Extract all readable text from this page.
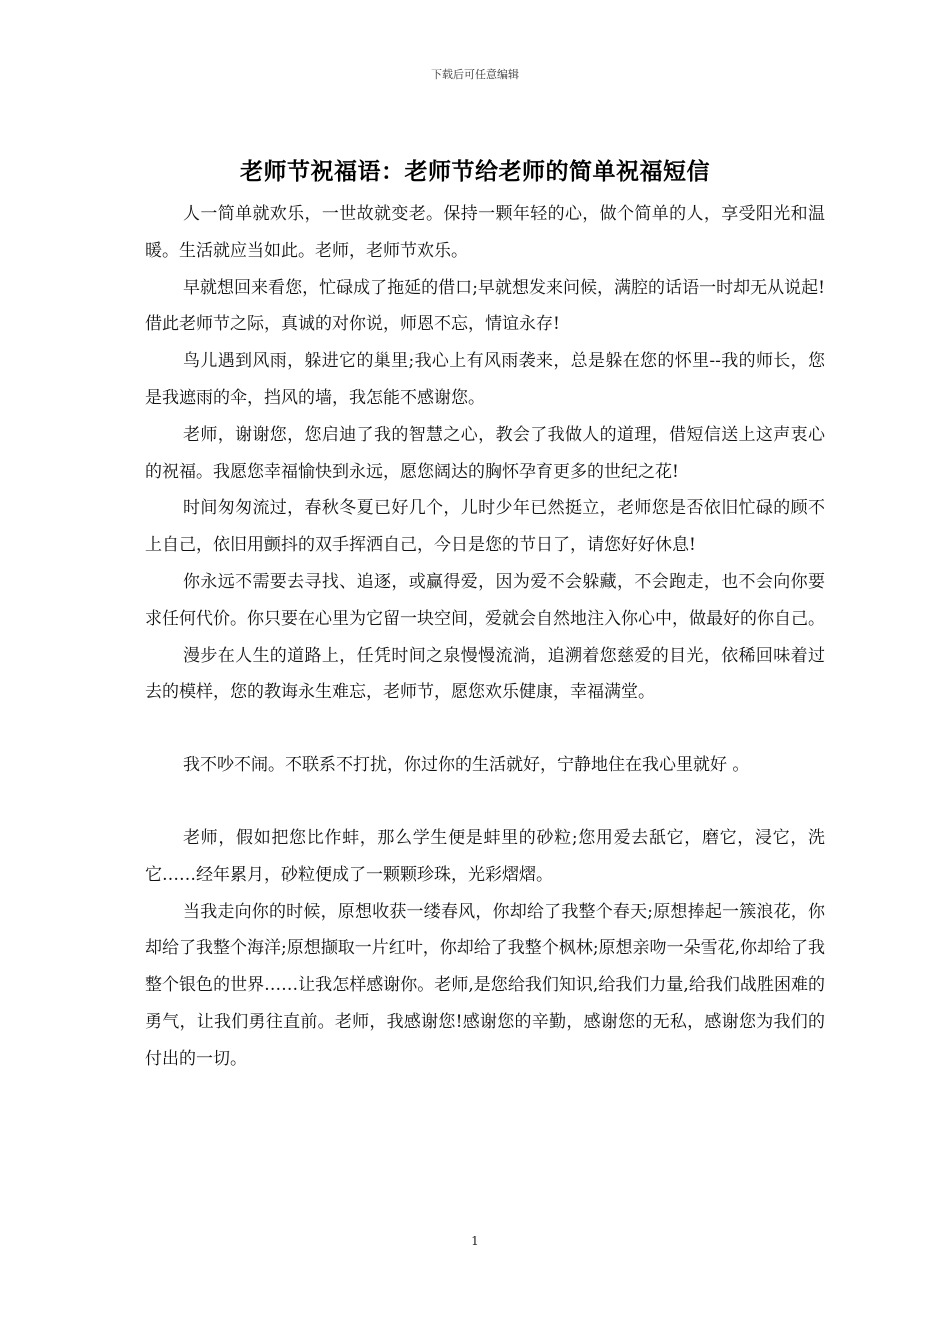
下载后可任意编辑
老师节祝福语：老师节给老师的简单祝福短信

人一简单就欢乐，一世故就变老。保持一颗年轻的心，做个简单的人，享受阳光和温暖。生活就应当如此。老师，老师节欢乐。

早就想回来看您，忙碌成了拖延的借口;早就想发来问候，满腔的话语一时却无从说起!借此老师节之际，真诚的对你说，师恩不忘，情谊永存!

鸟儿遇到风雨，躲进它的巢里;我心上有风雨袭来，总是躲在您的怀里--我的师长，您是我遮雨的伞，挡风的墙，我怎能不感谢您。

老师，谢谢您，您启迪了我的智慧之心，教会了我做人的道理，借短信送上这声衷心的祝福。我愿您幸福愉快到永远，愿您阔达的胸怀孕育更多的世纪之花!

时间匆匆流过，春秋冬夏已好几个，儿时少年已然挺立，老师您是否依旧忙碌的顾不上自己，依旧用颤抖的双手挥洒自己，今日是您的节日了，请您好好休息!

你永远不需要去寻找、追逐，或赢得爱，因为爱不会躲藏，不会跑走，也不会向你要求任何代价。你只要在心里为它留一块空间，爱就会自然地注入你心中，做最好的你自己。

漫步在人生的道路上，任凭时间之泉慢慢流淌，追溯着您慈爱的目光，依稀回味着过去的模样，您的教诲永生难忘，老师节，愿您欢乐健康，幸福满堂。

我不吵不闹。不联系不打扰，你过你的生活就好，宁静地住在我心里就好 。

老师，假如把您比作蚌，那么学生便是蚌里的砂粒;您用爱去舐它，磨它，浸它，洗它……经年累月，砂粒便成了一颗颗珍珠，光彩熠熠。

当我走向你的时候，原想收获一缕春风，你却给了我整个春天;原想捧起一簇浪花，你却给了我整个海洋;原想撷取一片红叶，你却给了我整个枫林;原想亲吻一朵雪花,你却给了我整个银色的世界……让我怎样感谢你。老师,是您给我们知识,给我们力量,给我们战胜困难的勇气，让我们勇往直前。老师，我感谢您!感谢您的辛勤，感谢您的无私，感谢您为我们的付出的一切。

1
